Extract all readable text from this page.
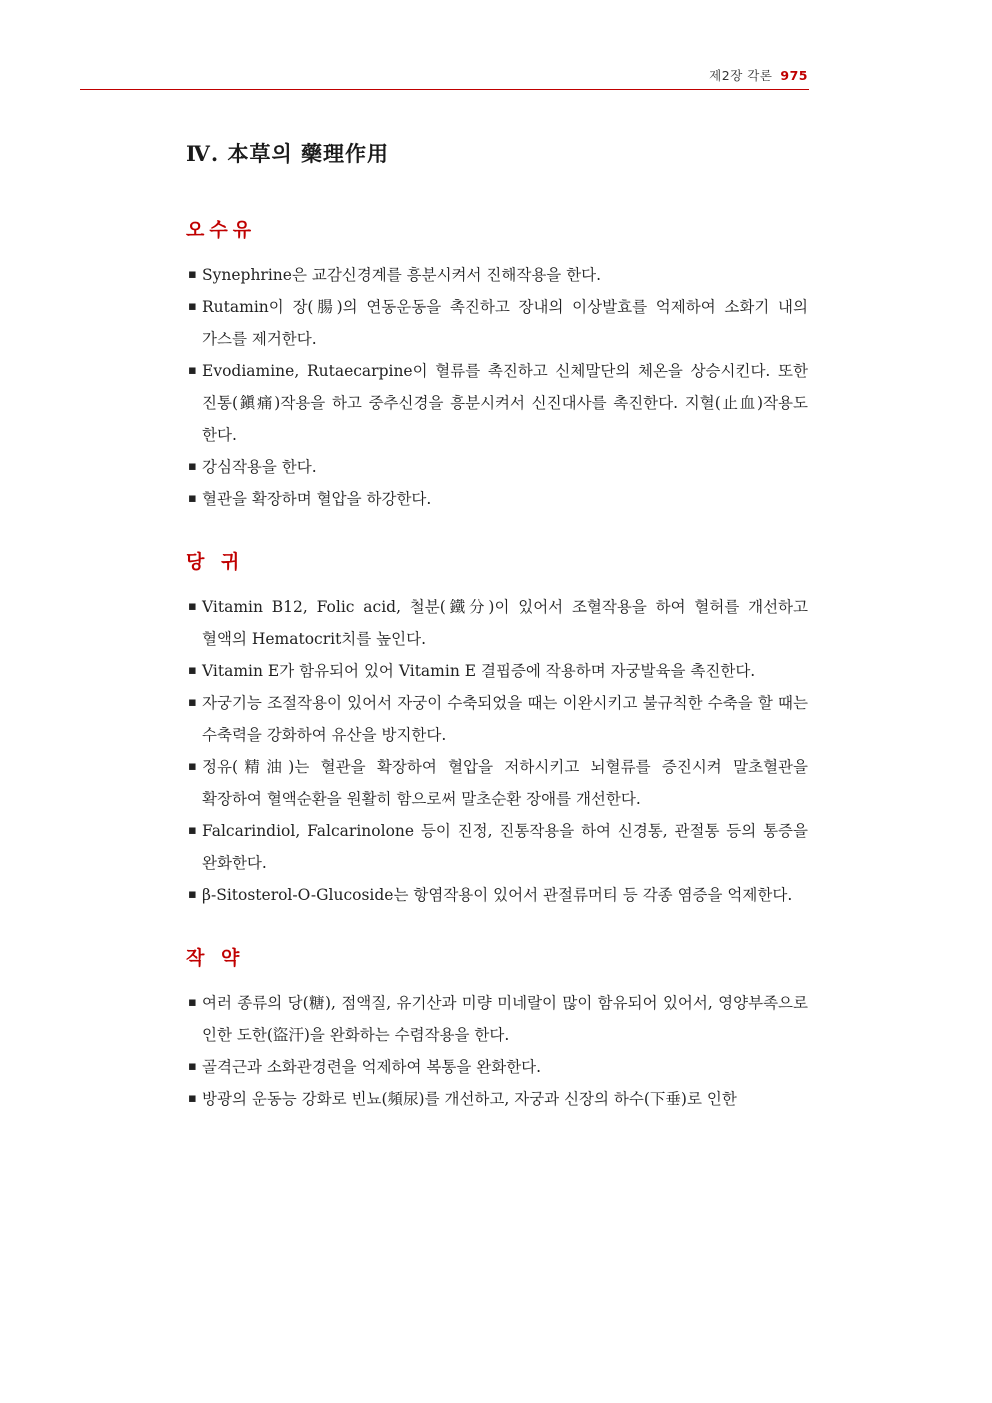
제2장 각론 975
Ⅳ. 本草의 藥理作用
오수유
▪ Synephrine은 교감신경계를 흥분시켜서 진해작용을 한다.
▪ Rutamin이 장(腸)의 연동운동을 촉진하고 장내의 이상발효를 억제하여 소화기 내의 가스를 제거한다.
▪ Evodiamine, Rutaecarpine이 혈류를 촉진하고 신체말단의 체온을 상승시킨다. 또한 진통(鎭痛)작용을 하고 중추신경을 흥분시켜서 신진대사를 촉진한다. 지혈(止血)작용도 한다.
▪ 강심작용을 한다.
▪ 혈관을 확장하며 혈압을 하강한다.
당 귀
▪ Vitamin B12, Folic acid, 철분(鐵分)이 있어서 조혈작용을 하여 혈허를 개선하고 혈액의 Hematocrit치를 높인다.
▪ Vitamin E가 함유되어 있어 Vitamin E 결핍증에 작용하며 자궁발육을 촉진한다.
▪ 자궁기능 조절작용이 있어서 자궁이 수축되었을 때는 이완시키고 불규칙한 수축을 할 때는 수축력을 강화하여 유산을 방지한다.
▪ 정유(精油)는 혈관을 확장하여 혈압을 저하시키고 뇌혈류를 증진시켜 말초혈관을 확장하여 혈액순환을 원활히 함으로써 말초순환 장애를 개선한다.
▪ Falcarindiol, Falcarinolone 등이 진정, 진통작용을 하여 신경통, 관절통 등의 통증을 완화한다.
▪ β-Sitosterol-O-Glucoside는 항염작용이 있어서 관절류머티 등 각종 염증을 억제한다.
작 약
▪ 여러 종류의 당(糖), 점액질, 유기산과 미량 미네랄이 많이 함유되어 있어서, 영양부족으로 인한 도한(盜汗)을 완화하는 수렴작용을 한다.
▪ 골격근과 소화관경련을 억제하여 복통을 완화한다.
▪ 방광의 운동능 강화로 빈뇨(頻尿)를 개선하고, 자궁과 신장의 하수(下垂)로 인한
